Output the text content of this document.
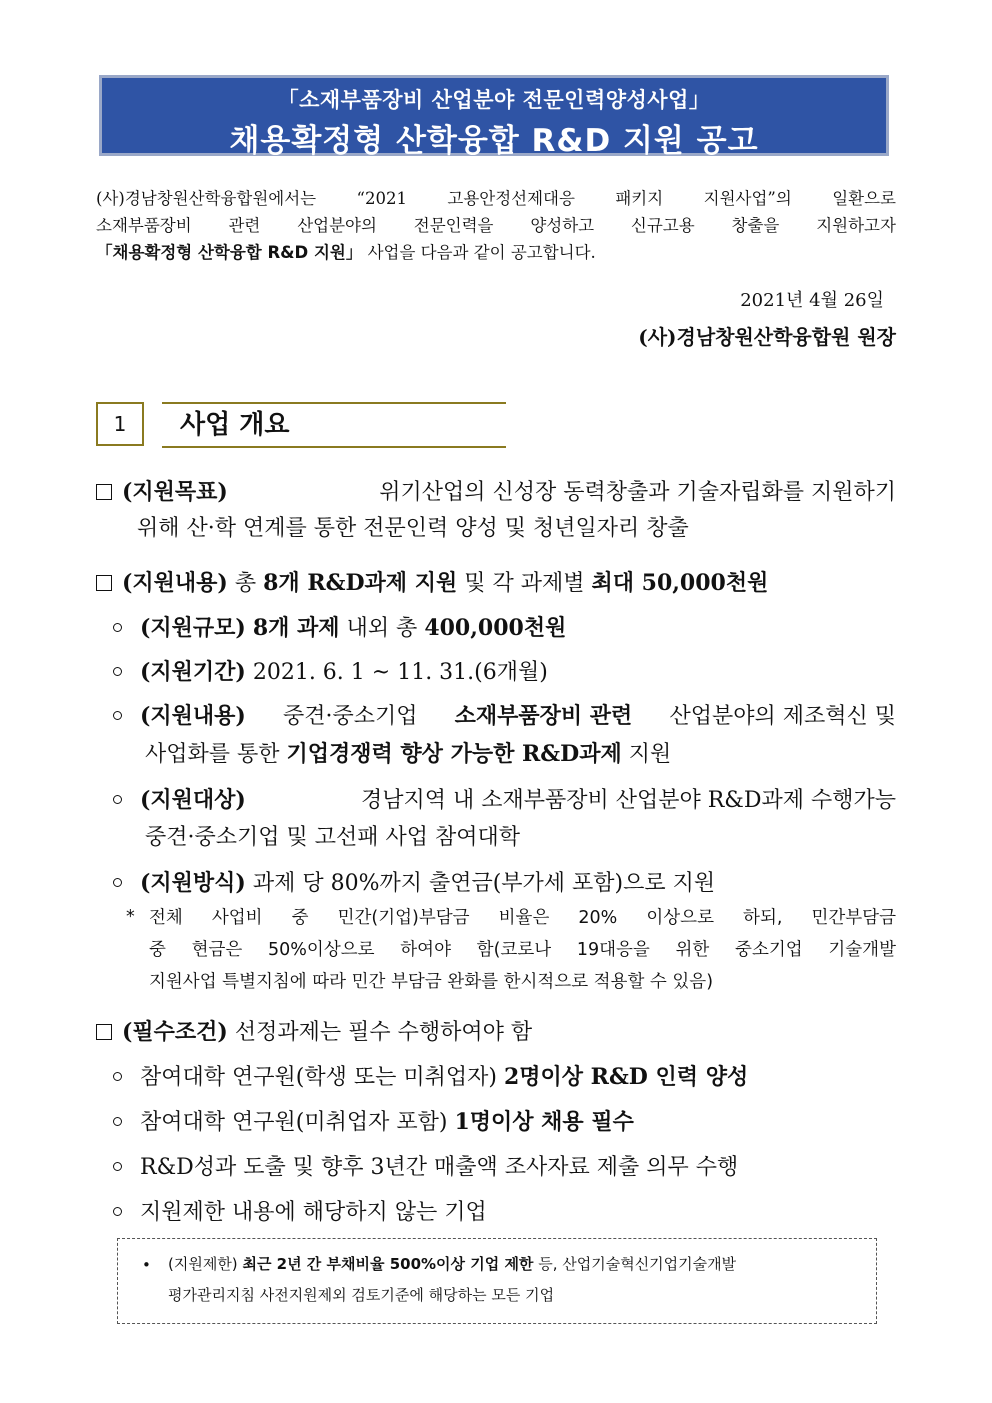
「소재부품장비 산업분야 전문인력양성사업」
채용확정형 산학융합 R&D 지원 공고
(사)경남창원산학융합원에서는 “2021 고용안정선제대응 패키지 지원사업”의 일환으로
소재부품장비 관련 산업분야의 전문인력을 양성하고 신규고용 창출을 지원하고자
「채용확정형 산학융합 R&D 지원」
사업을 다음과 같이 공고합니다.
2021년 4월 26일
(사)경남창원산학융합원 원장
1	사업 개요
(지원목표)	위기산업의 신성장 동력창출과 기술자립화를 지원하기
위해 산·학 연계를 통한 전문인력 양성 및 청년일자리 창출
(지원내용) 총 8개 R&D과제 지원 및 각 과제별 최대 50,000천원
(지원규모) 8개 과제 내외 총 400,000천원
(지원기간) 2021. 6. 1 ~ 11. 31.(6개월)
(지원내용) 중견·중소기업 소재부품장비 관련 산업분야의 제조혁신 및
사업화를 통한 기업경쟁력 향상 가능한 R&D과제 지원
(지원대상)	경남지역 내 소재부품장비 산업분야 R&D과제 수행가능
중견·중소기업 및 고선패 사업 참여대학
(지원방식) 과제 당 80%까지 출연금(부가세 포함)으로 지원
* 전체 사업비 중 민간(기업)부담금 비율은 20% 이상으로 하되, 민간부담금
중 현금은 50%이상으로 하여야 함(코로나 19대응을 위한 중소기업 기술개발
지원사업 특별지침에 따라 민간 부담금 완화를 한시적으로 적용할 수 있음)
(필수조건) 선정과제는 필수 수행하여야 함
참여대학 연구원(학생 또는 미취업자) 2명이상 R&D 인력 양성
참여대학 연구원(미취업자 포함) 1명이상 채용 필수
R&D성과 도출 및 향후 3년간 매출액 조사자료 제출 의무 수행
지원제한 내용에 해당하지 않는 기업
• (지원제한) 최근 2년 간 부채비율 500%이상 기업 제한 등, 산업기술혁신기업기술개발
평가관리지침 사전지원제외 검토기준에 해당하는 모든 기업
